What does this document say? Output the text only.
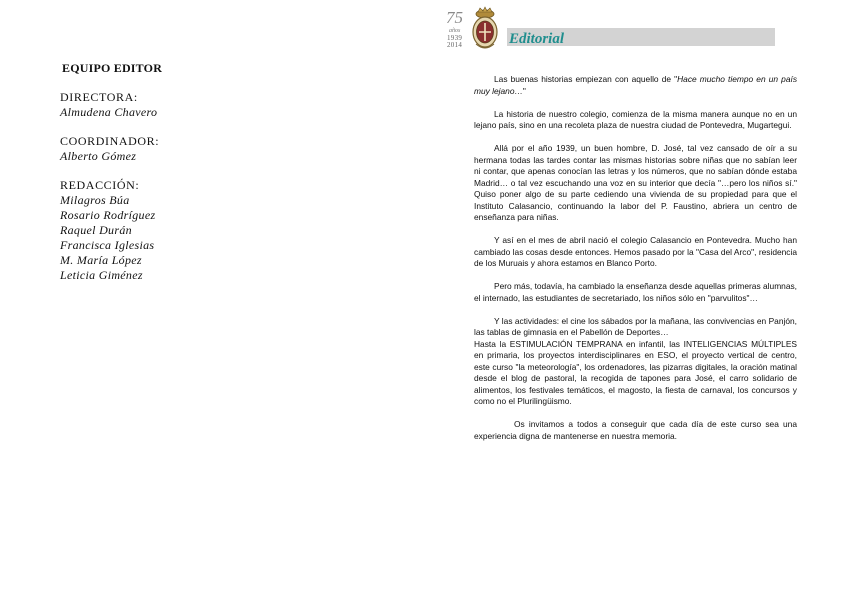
EQUIPO EDITOR
DIRECTORA:
Almudena Chavero
COORDINADOR:
Alberto Gómez
REDACCIÓN:
Milagros Búa
Rosario Rodríguez
Raquel Durán
Francisca Iglesias
M. María López
Leticia Giménez
75
años
1939
2014	Editorial

Las buenas historias empiezan con aquello de "Hace mucho tiempo en un país muy lejano…"

La historia de nuestro colegio, comienza de la misma manera aunque no en un lejano país, sino en una recoleta plaza de nuestra ciudad de Pontevedra, Mugartegui.

Allá por el año 1939, un buen hombre, D. José, tal vez cansado de oír a su hermana todas las tardes contar las mismas historias sobre niñas que no sabían leer ni contar, que apenas conocían las letras y los números, que no sabían dónde estaba Madrid… o tal vez escuchando una voz en su interior que decía "…pero los niños sí." Quiso poner algo de su parte cediendo una vivienda de su propiedad para que el Instituto Calasancio, continuando la labor del P. Faustino, abriera un centro de enseñanza para niñas.

Y así en el mes de abril nació el colegio Calasancio en Pontevedra. Mucho han cambiado las cosas desde entonces. Hemos pasado por la "Casa del Arco", residencia de los Muruais y ahora estamos en Blanco Porto.

Pero más, todavía, ha cambiado la enseñanza desde aquellas primeras alumnas, el internado, las estudiantes de secretariado, los niños sólo en "parvulitos"…

Y las actividades: el cine los sábados por la mañana, las convivencias en Panjón, las tablas de gimnasia en el Pabellón de Deportes…

Hasta la ESTIMULACIÓN TEMPRANA en infantil, las INTELIGENCIAS MÚLTIPLES en primaria, los proyectos interdisciplinares en ESO, el proyecto vertical de centro, este curso "la meteorología", los ordenadores, las pizarras digitales, la oración matinal desde el blog de pastoral, la recogida de tapones para José, el carro solidario de alimentos, los festivales temáticos, el magosto, la fiesta de carnaval, los concursos y como no el Plurilingüismo.

Os invitamos a todos a conseguir que cada día de este curso sea una experiencia digna de mantenerse en nuestra memoria.
